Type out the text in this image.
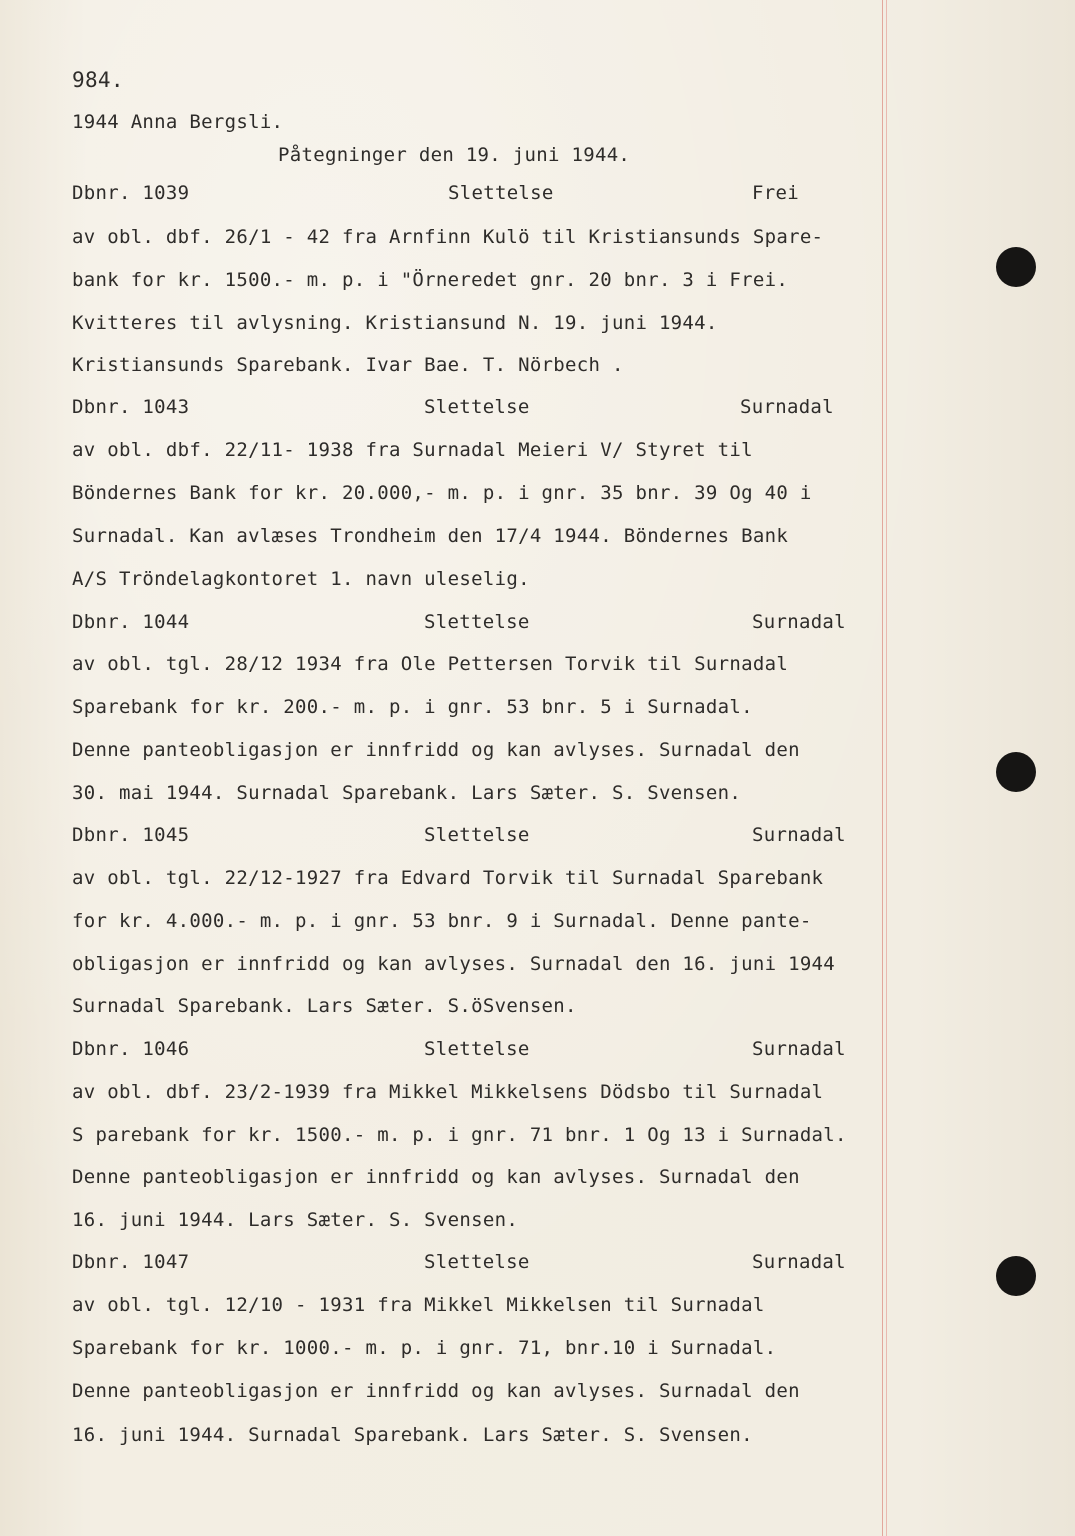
984.
1944 Anna Bergsli.
Påtegninger den 19. juni 1944.
Dbnr. 1039	Slettelse	Frei
av obl. dbf. 26/1 - 42 fra Arnfinn Kulö til Kristiansunds Spare-
bank for kr. 1500.- m. p. i "Örneredet gnr. 20 bnr. 3 i Frei.
Kvitteres til avlysning. Kristiansund N. 19. juni 1944.
Kristiansunds Sparebank. Ivar Bae. T. Nörbech .
Dbnr. 1043	Slettelse	Surnadal
av obl. dbf. 22/11- 1938 fra Surnadal Meieri V/ Styret til
Böndernes Bank for kr. 20.000,- m. p. i gnr. 35 bnr. 39 Og 40 i
Surnadal. Kan avlæses Trondheim den 17/4 1944. Böndernes Bank
A/S Tröndelagkontoret 1. navn uleselig.
Dbnr. 1044	Slettelse	Surnadal
av obl. tgl. 28/12 1934 fra Ole Pettersen Torvik til Surnadal
Sparebank for kr. 200.- m. p. i gnr. 53 bnr. 5 i Surnadal.
Denne panteobligasjon er innfridd og kan avlyses. Surnadal den
30. mai 1944. Surnadal Sparebank. Lars Sæter. S. Svensen.
Dbnr. 1045	Slettelse	Surnadal
av obl. tgl. 22/12-1927 fra Edvard Torvik til Surnadal Sparebank
for kr. 4.000.- m. p. i gnr. 53 bnr. 9 i Surnadal. Denne pante-
obligasjon er innfridd og kan avlyses. Surnadal den 16. juni 1944
Surnadal Sparebank. Lars Sæter. S.öSvensen.
Dbnr. 1046	Slettelse	Surnadal
av obl. dbf. 23/2-1939 fra Mikkel Mikkelsens Dödsbo til Surnadal
S parebank for kr. 1500.- m. p. i gnr. 71 bnr. 1 Og 13 i Surnadal.
Denne panteobligasjon er innfridd og kan avlyses. Surnadal den
16. juni 1944. Lars Sæter. S. Svensen.
Dbnr. 1047	Slettelse	Surnadal
av obl. tgl. 12/10 - 1931 fra Mikkel Mikkelsen til Surnadal
Sparebank for kr. 1000.- m. p. i gnr. 71, bnr.10 i Surnadal.
Denne panteobligasjon er innfridd og kan avlyses. Surnadal den
16. juni 1944. Surnadal Sparebank. Lars Sæter. S. Svensen.
